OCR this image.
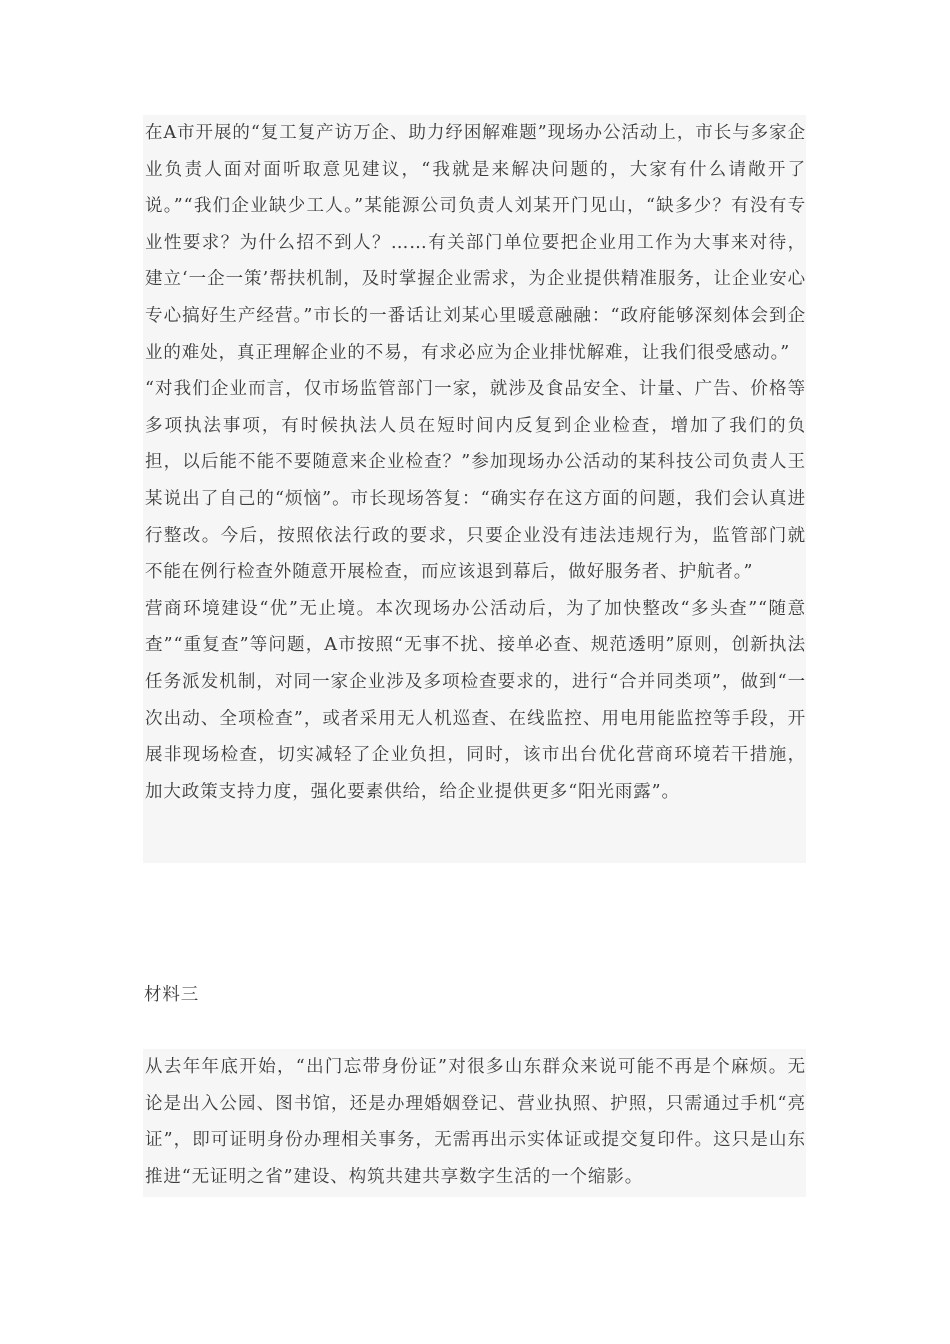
在A市开展的“复工复产访万企、助力纾困解难题”现场办公活动上，市长与多家企业负责人面对面听取意见建议，“我就是来解决问题的，大家有什么请敞开了说。”“我们企业缺少工人。”某能源公司负责人刘某开门见山，“缺多少？有没有专业性要求？为什么招不到人？……有关部门单位要把企业用工作为大事来对待，建立‘一企一策’帮扶机制，及时掌握企业需求，为企业提供精准服务，让企业安心专心搞好生产经营。”市长的一番话让刘某心里暖意融融：“政府能够深刻体会到企业的难处，真正理解企业的不易，有求必应为企业排忧解难，让我们很受感动。”

“对我们企业而言，仅市场监管部门一家，就涉及食品安全、计量、广告、价格等多项执法事项，有时候执法人员在短时间内反复到企业检查，增加了我们的负担，以后能不能不要随意来企业检查？”参加现场办公活动的某科技公司负责人王某说出了自己的“烦恼”。市长现场答复：“确实存在这方面的问题，我们会认真进行整改。今后，按照依法行政的要求，只要企业没有违法违规行为，监管部门就不能在例行检查外随意开展检查，而应该退到幕后，做好服务者、护航者。”

营商环境建设“优”无止境。本次现场办公活动后，为了加快整改“多头查”“随意查”“重复查”等问题，A市按照“无事不扰、接单必查、规范透明”原则，创新执法任务派发机制，对同一家企业涉及多项检查要求的，进行“合并同类项”，做到“一次出动、全项检查”，或者采用无人机巡查、在线监控、用电用能监控等手段，开展非现场检查，切实减轻了企业负担，同时，该市出台优化营商环境若干措施，加大政策支持力度，强化要素供给，给企业提供更多“阳光雨露”。

材料三

从去年年底开始，“出门忘带身份证”对很多山东群众来说可能不再是个麻烦。无论是出入公园、图书馆，还是办理婚姻登记、营业执照、护照，只需通过手机“亮证”，即可证明身份办理相关事务，无需再出示实体证或提交复印件。这只是山东推进“无证明之省”建设、构筑共建共享数字生活的一个缩影。
